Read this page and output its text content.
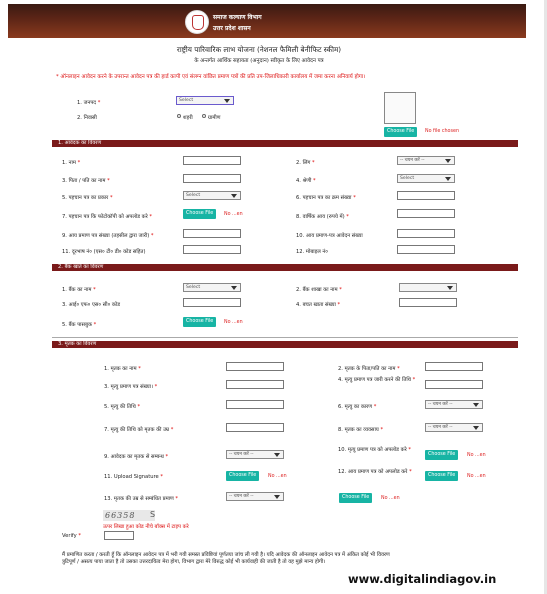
समाज कल्याण विभाग
उत्तर प्रदेश शासन
राष्ट्रीय पारिवारिक लाभ योजना (नेशनल फैमिली बेनीफिट स्कीम)
के अन्तर्गत आर्थिक सहायता (अनुदान) स्वीकृत के लिए आवेदन पत्र
* ऑनलाइन आवेदन करने के उपरान्त आवेदन पत्र की हार्ड कापी एवं संलग्न वांछित प्रमाण पत्रों की प्रति उप-जिलाधिकारी कार्यालय में जमा करना अनिवार्य होगा।
1. जनपद *	Select
2. निवासी	शहरी	ग्रामीण
Choose File	No file chosen
1. आवेदक का विवरण
1. नाम *	2. लिंग *	-- चयन करें --
3. पिता / पति का नाम *	4. श्रेणी *	Select
5. पहचान पत्र का प्रकार *	Select	6. पहचान पत्र का क्रम संख्या *
7. पहचान पत्र कि फोटोकॉपी को अपलोड करे *
Choose File	No ...en	8. वार्षिक आय (रुपये में) *
9. आय प्रमाण पत्र संख्या (तहसील द्वारा जारी) *	10. आय प्रमाण-पत्र आवेदन संख्या
11. दूरभाष नं० (एस० टी० डी० कोड सहित)	12. मोबाइल नं०
2. बैंक खाते का विवरण
1. बैंक का नाम *	Select	2. बैंक शाखा का नाम *
3. आई० एफ० एस० सी० कोड	4. बचत खाता संख्या *
5. बैंक पासबुक *
Choose File	No ...en
3. मृतक का विवरण
1. मृतक का नाम *	2. मृतक के पिता/पति का नाम *
3. मृत्यु प्रमाण पत्र संख्या। *
4. मृत्यु प्रमाण पत्र जारी करने की तिथि *
5. मृत्यु की तिथि *	6. मृत्यु का कारण *	-- चयन करें --
7. मृत्यु की तिथि को मृतक की उम्र *	8. मृतक का व्यवसाय *	-- चयन करें --
9. आवेदक का मृतक से सम्बन्ध *	-- चयन करें --
10. मृत्यु प्रमाण पत्र को अपलोड करे *
Choose File	No ...en
11. Upload Signature *	Choose File	No ...en
12. आय प्रमाण पत्र को अपलोड करे *
Choose File	No ...en
13. मृतक की उम्र से सम्बंधित प्रमाण *	-- चयन करें --	Choose File	No ...en
66358	S
ऊपर लिखा हुआ कोड नीचे बॉक्स में टाइप करे
Verify *
मैं प्रमाणित करता / करती हूँ कि ऑनलाइन आवेदन पत्र में भरी गयी समस्त प्रविष्टियां पूर्णतया जांच ली गयी है। यदि आवेदक की ऑनलाइन आवेदन पत्र में अंकित कोई भी विवरण त्रुटिपूर्ण / असत्य पाया जाता है तो उसका उत्तरदायित्व मेरा होगा, विभाग द्वारा मेरे विरुद्ध कोई भी कार्यवाही की जाती है तो वह मुझे मान्य होगी।
www.digitalindiagov.in
